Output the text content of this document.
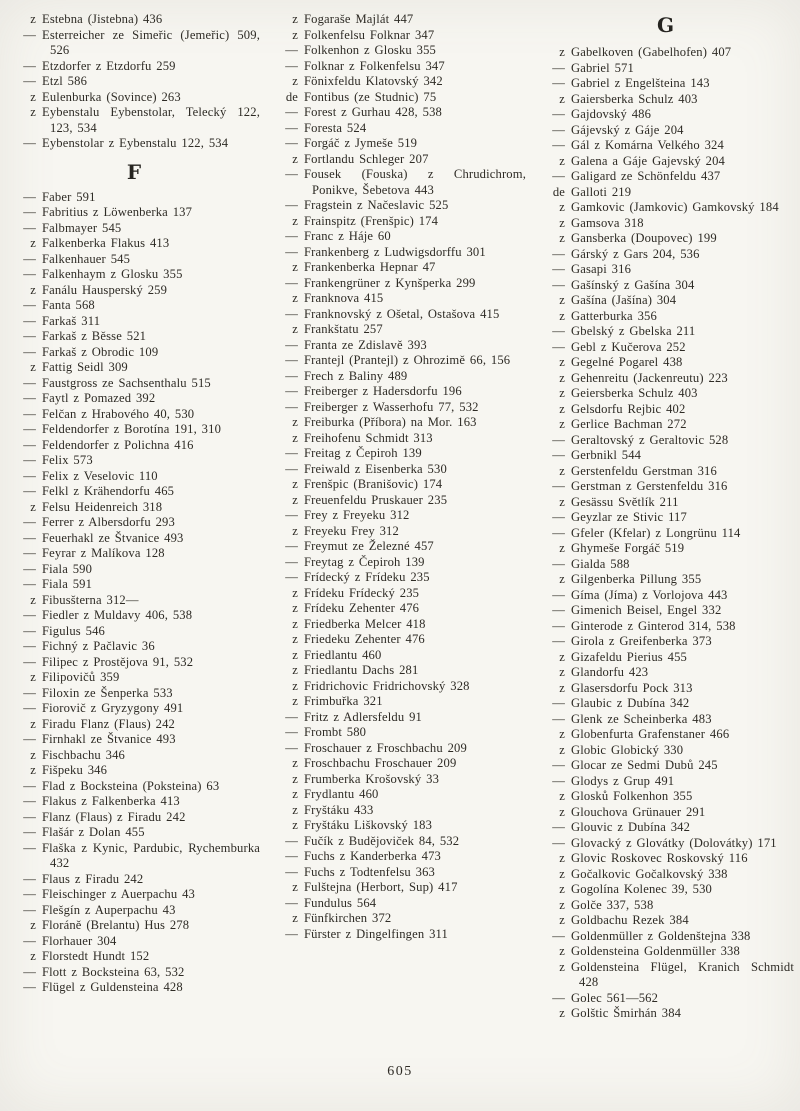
z Estebna (Jistebna) 436
— Esterreicher ze Simeřic (Jemeřic) 509, 526
— Etzdorfer z Etzdorfu 259
— Etzl 586
z Eulenburka (Sovince) 263
z Eybenstalu Eybenstolar, Telecký 122, 123, 534
— Eybenstolar z Eybenstalu 122, 534
F
— Faber 591
— Fabritius z Löwenberka 137
— Falbmayer 545
z Falkenberka Flakus 413
— Falkenhauer 545
— Falkenhaym z Glosku 355
z Fanálu Hausperský 259
— Fanta 568
— Farkaš 311
— Farkaš z Běsse 521
— Farkaš z Obrodic 109
z Fattig Seidl 309
— Faustgross ze Sachsenthalu 515
— Faytl z Pomazed 392
— Felčan z Hrabového 40, 530
— Feldendorfer z Borotína 191, 310
— Feldendorfer z Polichna 416
— Felix 573
— Felix z Veselovic 110
— Felkl z Krähendorfu 465
z Felsu Heidenreich 318
— Ferrer z Albersdorfu 293
— Feuerhakl ze Štvanice 493
— Feyrar z Malíkova 128
— Fiala 590
— Fiala 591
z Fibusšterna 312—
— Fiedler z Muldavy 406, 538
— Figulus 546
— Fichný z Pačlavic 36
— Filipec z Prostějova 91, 532
z Filipovičů 359
— Filoxin ze Šenperka 533
— Fiorovič z Gryzygony 491
z Firadu Flanz (Flaus) 242
— Firnhakl ze Štvanice 493
z Fischbachu 346
z Fišpeku 346
— Flad z Bocksteina (Poksteina) 63
— Flakus z Falkenberka 413
— Flanz (Flaus) z Firadu 242
— Flašár z Dolan 455
— Flaška z Kynic, Pardubic, Rychemburka 432
— Flaus z Firadu 242
— Fleischinger z Auerpachu 43
— Flešgín z Auperpachu 43
z Floráně (Brelantu) Hus 278
— Florhauer 304
z Florstedt Hundt 152
— Flott z Bocksteina 63, 532
— Flügel z Guldensteina 428
z Fogaraše Majlát 447
z Folkenfelsu Folknar 347
— Folkenhon z Glosku 355
— Folknar z Folkenfelsu 347
z Fönixfeldu Klatovský 342
de Fontibus (ze Studnic) 75
— Forest z Gurhau 428, 538
— Foresta 524
— Forgáč z Jymeše 519
z Fortlandu Schleger 207
— Fousek (Fouska) z Chrudichrom, Ponikve, Šebetova 443
— Fragstein z Načeslavic 525
z Frainspitz (Frenšpic) 174
— Franc z Háje 60
— Frankenberg z Ludwigsdorffu 301
z Frankenberka Hepnar 47
— Frankengrüner z Kynšperka 299
z Franknova 415
— Franknovský z Ošetal, Ostašova 415
z Frankštatu 257
— Franta ze Zdislavě 393
— Frantejl (Prantejl) z Ohrozimě 66, 156
— Frech z Baliny 489
— Freiberger z Hadersdorfu 196
— Freiberger z Wasserhofu 77, 532
z Freiburka (Příbora) na Mor. 163
z Freihofenu Schmidt 313
— Freitag z Čepiroh 139
— Freiwald z Eisenberka 530
z Frenšpic (Branišovic) 174
z Freuenfeldu Pruskauer 235
— Frey z Freyeku 312
z Freyeku Frey 312
— Freymut ze Železné 457
— Freytag z Čepiroh 139
— Frídecký z Frídeku 235
z Frídeku Frídecký 235
z Frídeku Zehenter 476
z Friedberka Melcer 418
z Friedeku Zehenter 476
z Friedlantu 460
z Friedlantu Dachs 281
z Fridrichovic Fridrichovský 328
z Frimbuřka 321
— Fritz z Adlersfeldu 91
— Frombt 580
— Froschauer z Froschbachu 209
z Froschbachu Froschauer 209
z Frumberka Krošovský 33
z Frydlantu 460
z Fryštáku 433
z Fryštáku Liškovský 183
— Fučík z Budějoviček 84, 532
— Fuchs z Kanderberka 473
— Fuchs z Todtenfelsu 363
z Fulštejna (Herbort, Sup) 417
— Fundulus 564
z Fünfkirchen 372
— Fürster z Dingelfingen 311
G
z Gabelkoven (Gabelhofen) 407
— Gabriel 571
— Gabriel z Engelšteina 143
z Gaiersberka Schulz 403
— Gajdovský 486
— Gájevský z Gáje 204
— Gál z Komárna Velkého 324
z Galena a Gáje Gajevský 204
— Galigard ze Schönfeldu 437
de Galloti 219
z Gamkovic (Jamkovic) Gamkovský 184
z Gamsova 318
z Gansberka (Doupovec) 199
— Gárský z Gars 204, 536
— Gasapi 316
— Gašínský z Gašína 304
z Gašína (Jašína) 304
z Gatterburka 356
— Gbelský z Gbelska 211
— Gebl z Kučerova 252
z Gegelné Pogarel 438
z Gehenreitu (Jackenreutu) 223
z Geiersberka Schulz 403
z Gelsdorfu Rejbic 402
z Gerlice Bachman 272
— Geraltovský z Geraltovic 528
— Gerbnikl 544
z Gerstenfeldu Gerstman 316
— Gerstman z Gerstenfeldu 316
z Gesässu Světlík 211
— Geyzlar ze Stivic 117
— Gfeler (Kfelar) z Longrünu 114
z Ghymeše Forgáč 519
— Gialda 588
z Gilgenberka Pillung 355
— Gíma (Jíma) z Vorlojova 443
— Gimenich Beisel, Engel 332
— Ginterode z Ginterod 314, 538
— Girola z Greifenberka 373
z Gizafeldu Pierius 455
z Glandorfu 423
z Glasersdorfu Pock 313
— Glaubic z Dubína 342
— Glenk ze Scheinberka 483
z Globenfurta Grafenstaner 466
z Globic Globický 330
— Glocar ze Sedmi Dubů 245
— Glodys z Grup 491
z Glosků Folkenhon 355
z Glouchova Grünauer 291
— Glouvic z Dubína 342
— Glovacký z Glovátky (Dolovátky) 171
z Glovic Roskovec Roskovský 116
z Gočalkovic Gočalkovský 338
z Gogolína Kolenec 39, 530
z Golče 337, 538
z Goldbachu Rezek 384
— Goldenmüller z Goldenštejna 338
z Goldensteina Goldenmüller 338
z Goldensteina Flügel, Kranich Schmidt 428
— Golec 561—562
z Golštic Šmirhán 384
605
